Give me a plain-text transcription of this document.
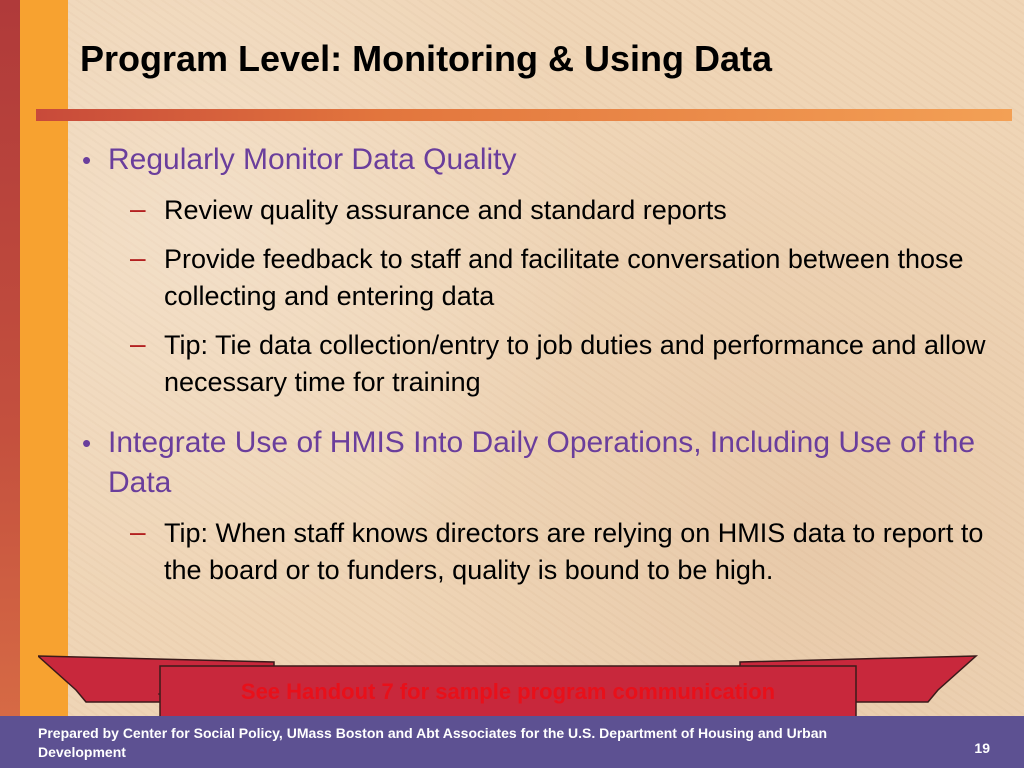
Program Level: Monitoring & Using Data
• Regularly Monitor Data Quality
– Review quality assurance and standard reports
– Provide feedback to staff and facilitate conversation between those collecting and entering data
– Tip: Tie data collection/entry to job duties and performance and allow necessary time for training
• Integrate Use of HMIS Into Daily Operations, Including Use of the Data
– Tip: When staff knows directors are relying on HMIS data to report to the board or to funders, quality is bound to be high.
See Handout 7 for sample program communication
Prepared by Center for Social Policy, UMass Boston and Abt Associates for the U.S. Department of Housing and Urban Development	19
